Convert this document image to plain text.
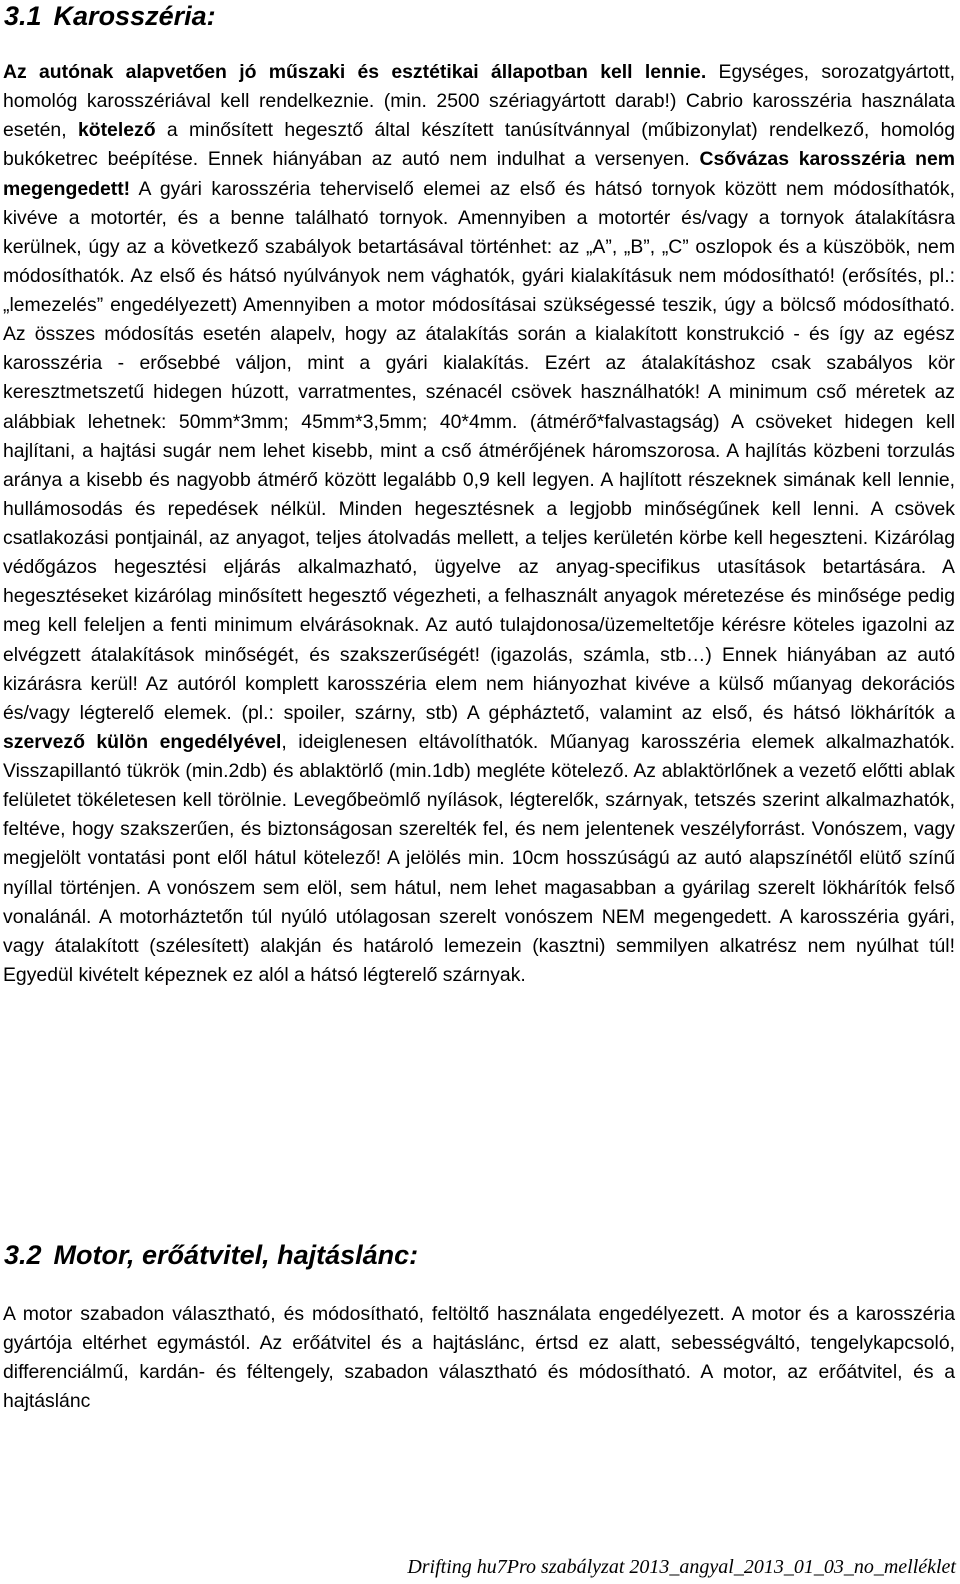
3.1 Karosszéria:

Az autónak alapvetően jó műszaki és esztétikai állapotban kell lennie. Egységes, sorozatgyártott, homológ karosszériával kell rendelkeznie. (min. 2500 szériagyártott darab!) Cabrio karosszéria használata esetén, kötelező a minősített hegesztő által készített tanúsítvánnyal (műbizonylat) rendelkező, homológ bukóketrec beépítése. Ennek hiányában az autó nem indulhat a versenyen. Csővázas karosszéria nem megengedett! A gyári karosszéria teherviselő elemei az első és hátsó tornyok között nem módosíthatók, kivéve a motortér, és a benne található tornyok. Amennyiben a motortér és/vagy a tornyok átalakításra kerülnek, úgy az a következő szabályok betartásával történhet: az „A”, „B”, „C” oszlopok és a küszöbök, nem módosíthatók. Az első és hátsó nyúlványok nem vághatók, gyári kialakításuk nem módosítható! (erősítés, pl.: „lemezelés” engedélyezett) Amennyiben a motor módosításai szükségessé teszik, úgy a bölcső módosítható. Az összes módosítás esetén alapelv, hogy az átalakítás során a kialakított konstrukció - és így az egész karosszéria - erősebbé váljon, mint a gyári kialakítás. Ezért az átalakításhoz csak szabályos kör keresztmetszetű hidegen húzott, varratmentes, szénacél csövek használhatók! A minimum cső méretek az alábbiak lehetnek: 50mm*3mm; 45mm*3,5mm; 40*4mm. (átmérő*falvastagság) A csöveket hidegen kell hajlítani, a hajtási sugár nem lehet kisebb, mint a cső átmérőjének háromszorosa. A hajlítás közbeni torzulás aránya a kisebb és nagyobb átmérő között legalább 0,9 kell legyen. A hajlított részeknek simának kell lennie, hullámosodás és repedések nélkül. Minden hegesztésnek a legjobb minőségűnek kell lenni. A csövek csatlakozási pontjainál, az anyagot, teljes átolvadás mellett, a teljes kerületén körbe kell hegeszteni. Kizárólag védőgázos hegesztési eljárás alkalmazható, ügyelve az anyag-specifikus utasítások betartására. A hegesztéseket kizárólag minősített hegesztő végezheti, a felhasznált anyagok méretezése és minősége pedig meg kell feleljen a fenti minimum elvárásoknak. Az autó tulajdonosa/üzemeltetője kérésre köteles igazolni az elvégzett átalakítások minőségét, és szakszerűségét! (igazolás, számla, stb…) Ennek hiányában az autó kizárásra kerül! Az autóról komplett karosszéria elem nem hiányozhat kivéve a külső műanyag dekorációs és/vagy légterelő elemek. (pl.: spoiler, szárny, stb) A gépháztető, valamint az első, és hátsó lökhárítók a szervező külön engedélyével, ideiglenesen eltávolíthatók. Műanyag karosszéria elemek alkalmazhatók. Visszapillantó tükrök (min.2db) és ablaktörlő (min.1db) megléte kötelező. Az ablaktörlőnek a vezető előtti ablak felületet tökéletesen kell törölnie. Levegőbeömlő nyílások, légterelők, szárnyak, tetszés szerint alkalmazhatók, feltéve, hogy szakszerűen, és biztonságosan szerelték fel, és nem jelentenek veszélyforrást. Vonószem, vagy megjelölt vontatási pont elől hátul kötelező! A jelölés min. 10cm hosszúságú az autó alapszínétől elütő színű nyíllal történjen. A vonószem sem elöl, sem hátul, nem lehet magasabban a gyárilag szerelt lökhárítók felső vonalánál. A motorháztetőn túl nyúló utólagosan szerelt vonószem NEM megengedett. A karosszéria gyári, vagy átalakított (szélesített) alakján és határoló lemezein (kasztni) semmilyen alkatrész nem nyúlhat túl! Egyedül kivételt képeznek ez alól a hátsó légterelő szárnyak.

3.2 Motor, erőátvitel, hajtáslánc:

A motor szabadon választható, és módosítható, feltöltő használata engedélyezett. A motor és a karosszéria gyártója eltérhet egymástól. Az erőátvitel és a hajtáslánc, értsd ez alatt, sebességváltó, tengelykapcsoló, differenciálmű, kardán- és féltengely, szabadon választható és módosítható. A motor, az erőátvitel, és a hajtáslánc

Drifting hu7Pro szabályzat 2013_angyal_2013_01_03_no_melléklet
